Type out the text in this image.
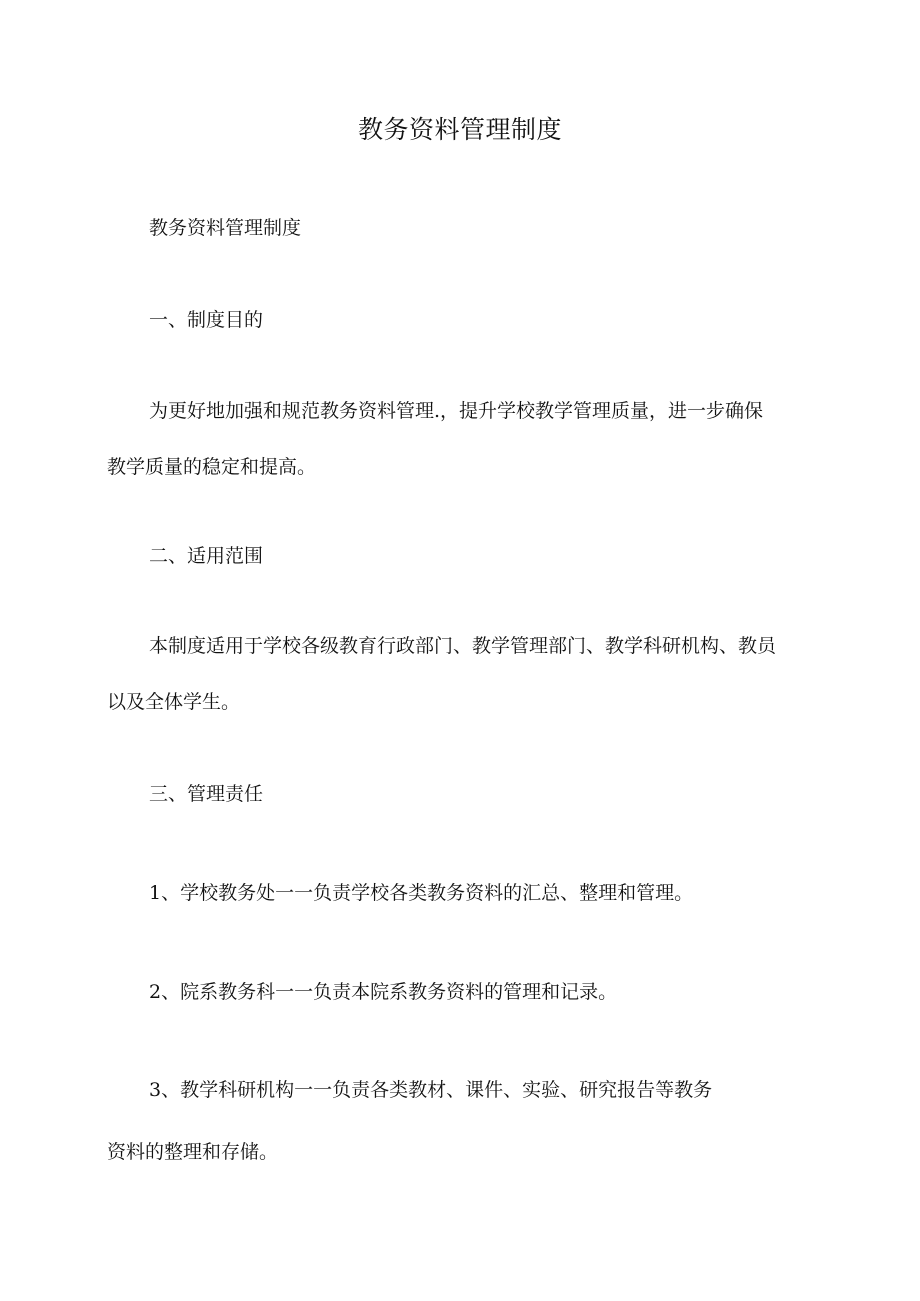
教务资料管理制度
教务资料管理制度
一、制度目的
为更好地加强和规范教务资料管理.，提升学校教学管理质量，进一步确保
教学质量的稳定和提高。
二、适用范围
本制度适用于学校各级教育行政部门、教学管理部门、教学科研机构、教员
以及全体学生。
三、管理责任
1、学校教务处一一负责学校各类教务资料的汇总、整理和管理。
2、院系教务科一一负责本院系教务资料的管理和记录。
3、教学科研机构一一负责各类教材、课件、实验、研究报告等教务
资料的整理和存储。
